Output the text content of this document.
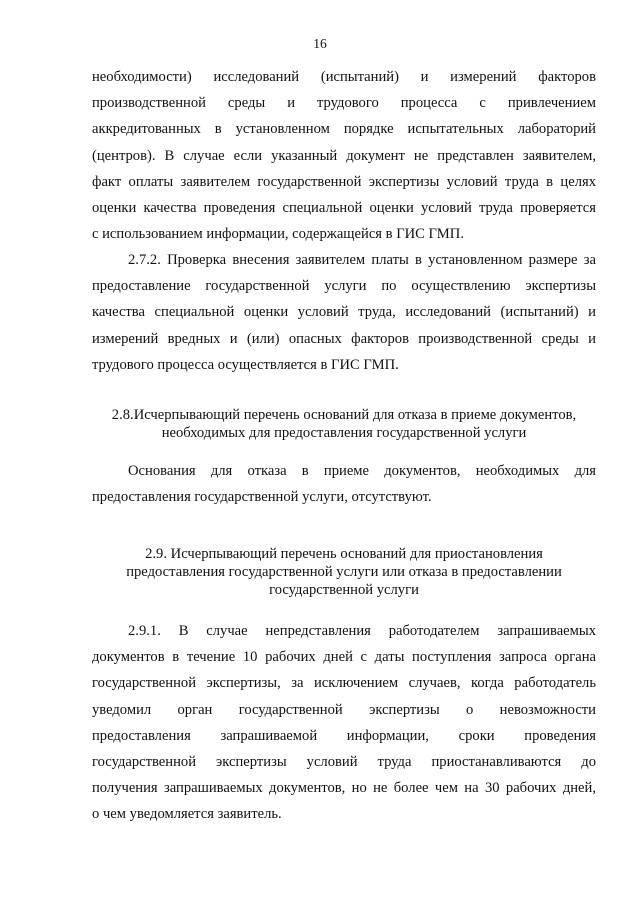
16
необходимости) исследований (испытаний) и измерений факторов
производственной среды и трудового процесса с привлечением
аккредитованных в установленном порядке испытательных лабораторий
(центров). В случае если указанный документ не представлен заявителем,
факт оплаты заявителем государственной экспертизы условий труда в целях
оценки качества проведения специальной оценки условий труда проверяется
с использованием информации, содержащейся в ГИС ГМП.
2.7.2. Проверка внесения заявителем платы в установленном размере за
предоставление государственной услуги по осуществлению экспертизы
качества специальной оценки условий труда, исследований (испытаний) и
измерений вредных и (или) опасных факторов производственной среды и
трудового процесса осуществляется в ГИС ГМП.
2.8.Исчерпывающий перечень оснований для отказа в приеме документов,
необходимых для предоставления государственной услуги
Основания для отказа в приеме документов, необходимых для
предоставления государственной услуги, отсутствуют.
2.9. Исчерпывающий перечень оснований для приостановления
предоставления государственной услуги или отказа в предоставлении
государственной услуги
2.9.1. В случае непредставления работодателем запрашиваемых
документов в течение 10 рабочих дней с даты поступления запроса органа
государственной экспертизы, за исключением случаев, когда работодатель
уведомил орган государственной экспертизы о невозможности
предоставления запрашиваемой информации, сроки проведения
государственной экспертизы условий труда приостанавливаются до
получения запрашиваемых документов, но не более чем на 30 рабочих дней,
о чем уведомляется заявитель.
